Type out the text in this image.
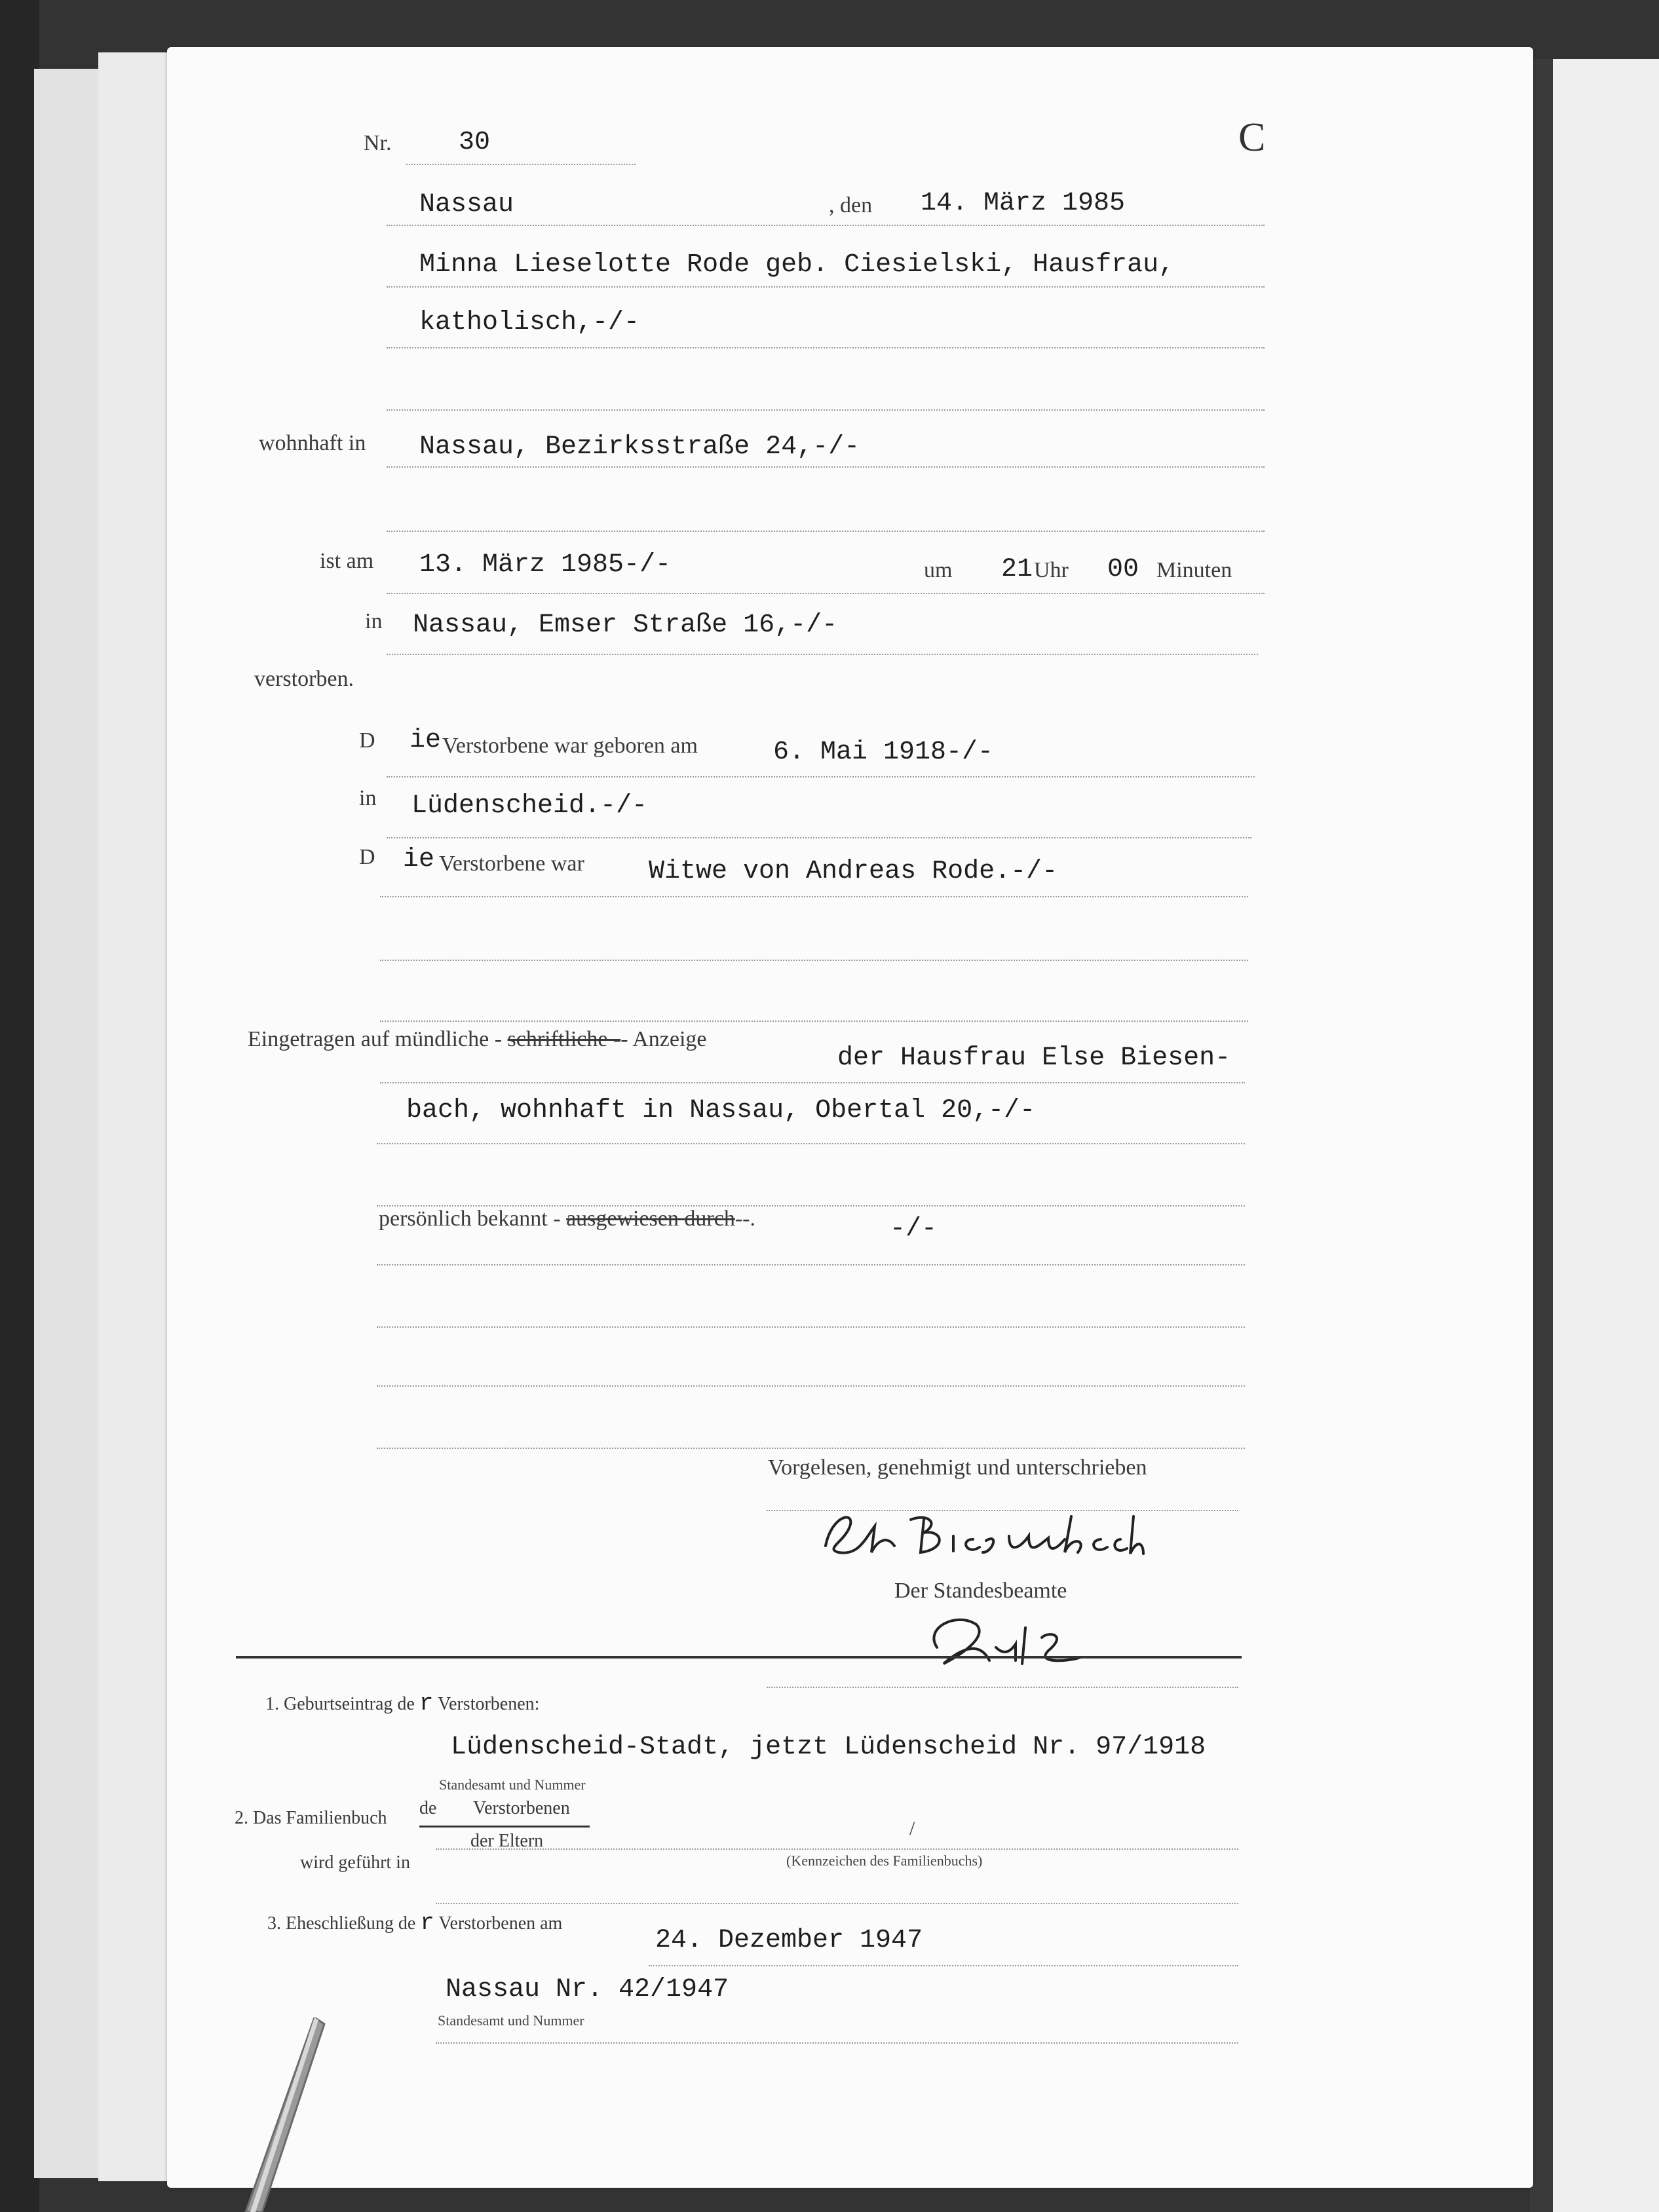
Nr.	30	C
Nassau	, den 14. März 1985
Minna Lieselotte Rode geb. Ciesielski, Hausfrau,
katholisch,-/-
wohnhaft in Nassau, Bezirksstraße 24,-/-
ist am 13. März 1985-/-	um 21 Uhr 00 Minuten
in Nassau, Emser Straße 16,-/-
verstorben.
D ie Verstorbene war geboren am	6. Mai 1918-/-
in Lüdenscheid.-/-
D ie Verstorbene war Witwe von Andreas Rode.-/-
Eingetragen auf mündliche - schriftliche -- Anzeige
der Hausfrau Else Biesen-
bach, wohnhaft in Nassau, Obertal 20,-/-
persönlich bekannt - ausgewiesen durch--.	-/-
Vorgelesen, genehmigt und unterschrieben
Der Standesbeamte
1. Geburtseintrag de r Verstorbenen:
Lüdenscheid-Stadt, jetzt Lüdenscheid Nr. 97/1918
Standesamt und Nummer
2. Das Familienbuch de Verstorbenen
der Eltern
wird geführt in
/
(Kennzeichen des Familienbuchs)
3. Eheschließung de r Verstorbenen am
24. Dezember 1947
Nassau Nr. 42/1947
Standesamt und Nummer
